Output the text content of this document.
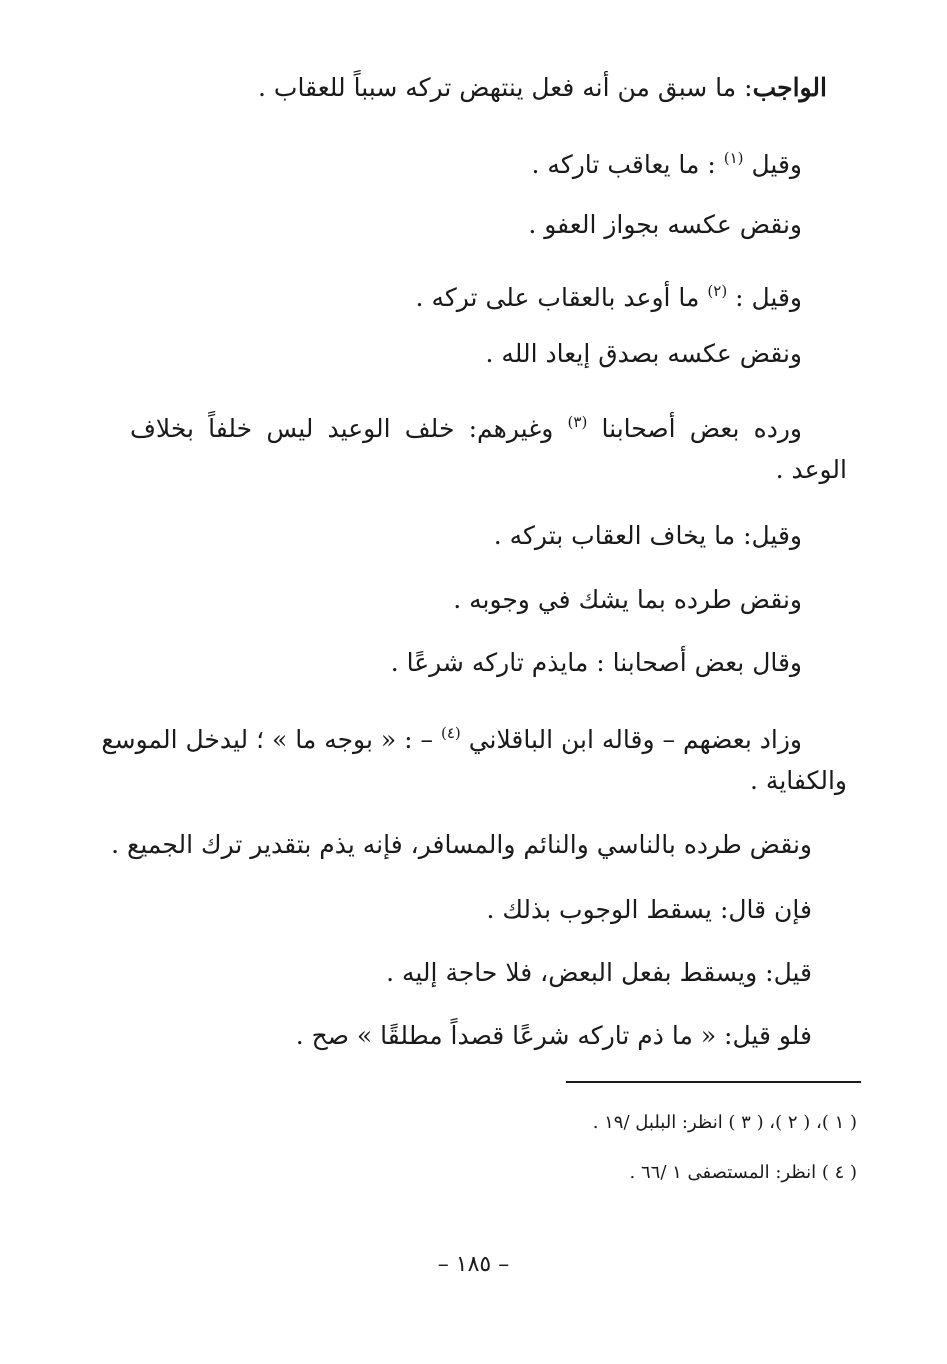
الواجب: ما سبق من أنه فعل ينتهض تركه سبباً للعقاب .
وقيل $^{(١)}$ : ما يعاقب تاركه .
ونقض عكسه بجواز العفو .
وقيل : $^{(٢)}$ ما أوعد بالعقاب على تركه .
ونقض عكسه بصدق إيعاد الله .
ورده بعض أصحابنا $^{(٣)}$ وغيرهم: خلف الوعيد ليس خلفاً بخلاف
الوعد .
وقيل: ما يخاف العقاب بتركه .
ونقض طرده بما يشك في وجوبه .
وقال بعض أصحابنا : مايذم تاركه شرعًا .
وزاد بعضهم – وقاله ابن الباقلاني $^{(٤)}$ – : « بوجه ما » ؛ ليدخل الموسع
والكفاية .
ونقض طرده بالناسي والنائم والمسافر، فإنه يذم بتقدير ترك الجميع .
فإن قال: يسقط الوجوب بذلك .
قيل: ويسقط بفعل البعض، فلا حاجة إليه .
فلو قيل: « ما ذم تاركه شرعًا قصداً مطلقًا » صح .
( ١ )، ( ٢ )، ( ٣ ) انظر: البلبل /١٩ .
( ٤ ) انظر: المستصفى ١ /٦٦ .
– ١٨٥ –
